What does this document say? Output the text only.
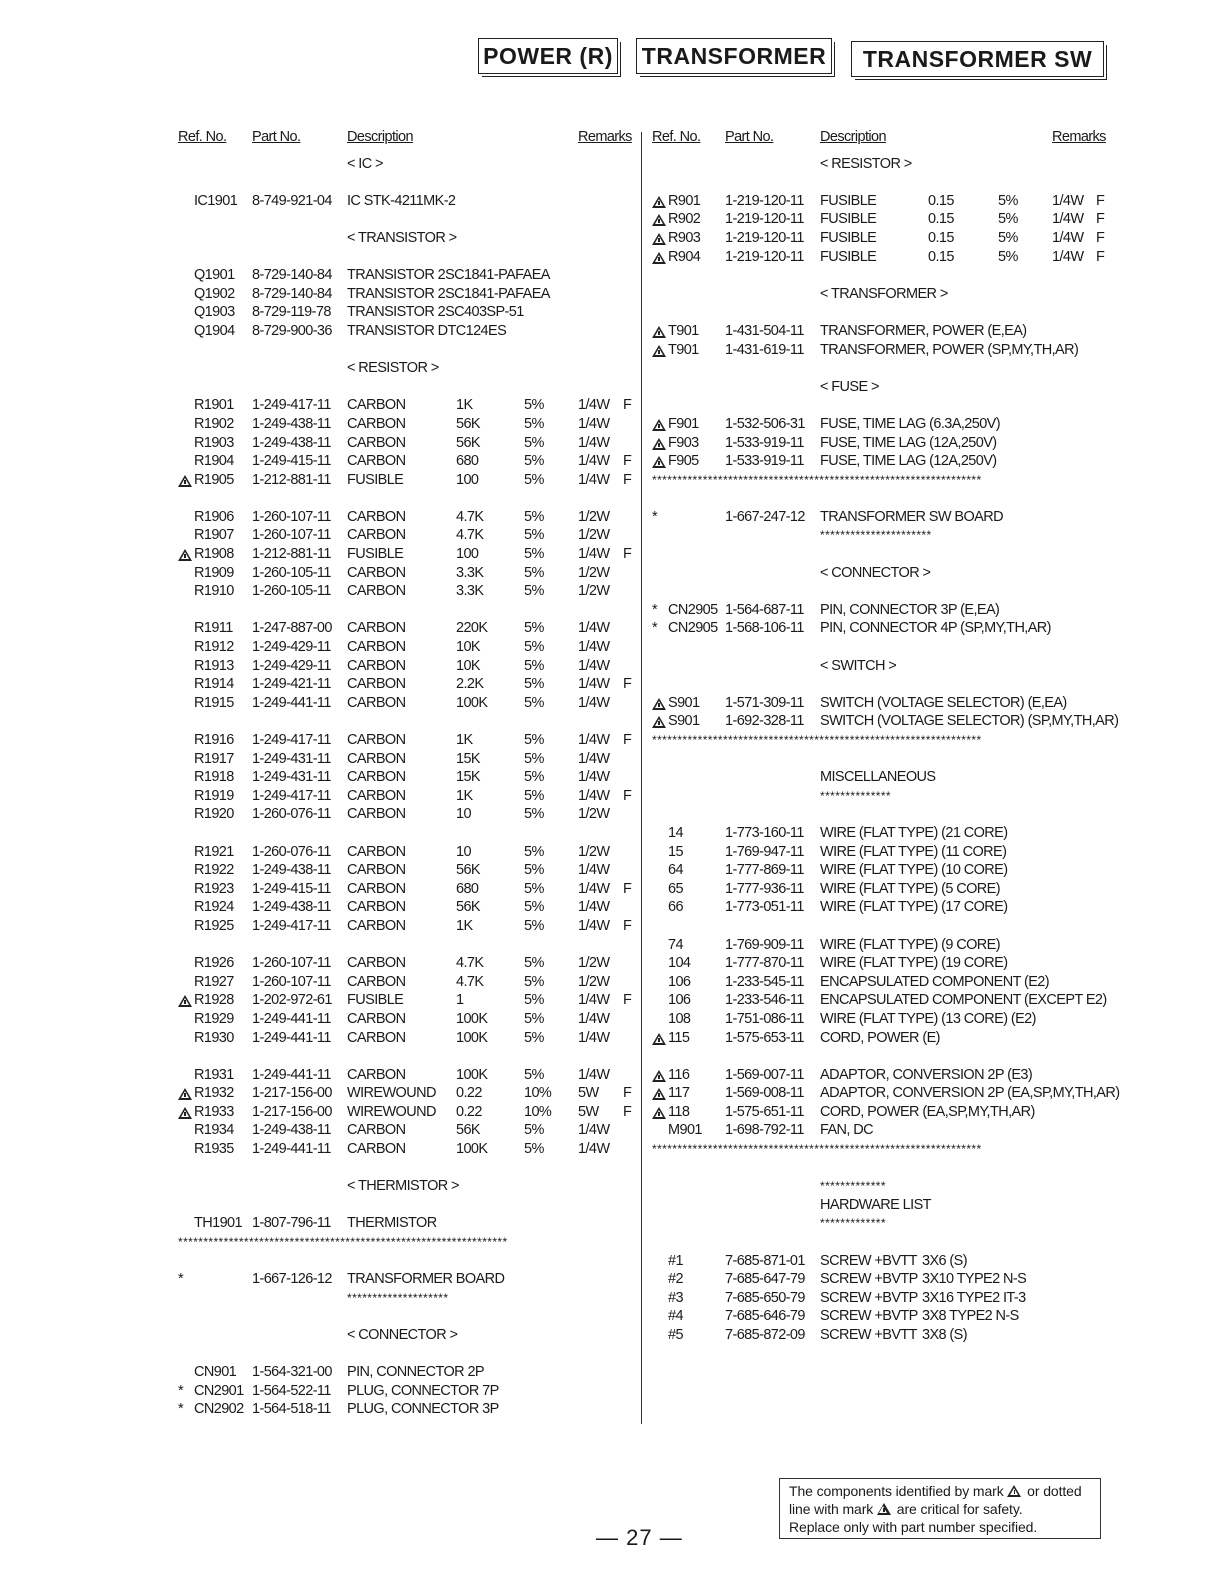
POWER (R) TRANSFORMER	TRANSFORMER SW
Ref. No. Part No.	Description	Remarks
< IC >
IC1901 8-749-921-04 IC STK-4211MK-2
< TRANSISTOR >
Q1901 8-729-140-84 TRANSISTOR 2SC1841-PAFAEA
Q1902 8-729-140-84 TRANSISTOR 2SC1841-PAFAEA
Q1903 8-729-119-78 TRANSISTOR 2SC403SP-51
Q1904 8-729-900-36 TRANSISTOR DTC124ES
< RESISTOR >
R1901 1-249-417-11 CARBON	1K	5% 1/4W F
R1902 1-249-438-11 CARBON	56K	5% 1/4W
R1903 1-249-438-11 CARBON	56K	5% 1/4W
R1904 1-249-415-11 CARBON	680	5% 1/4W F
R1905 1-212-881-11 FUSIBLE	100	5% 1/4W F
R1906 1-260-107-11 CARBON	4.7K	5% 1/2W
R1907 1-260-107-11 CARBON	4.7K	5% 1/2W
R1908 1-212-881-11 FUSIBLE	100	5% 1/4W F
R1909 1-260-105-11 CARBON	3.3K	5% 1/2W
R1910 1-260-105-11 CARBON	3.3K	5% 1/2W
R1911 1-247-887-00 CARBON	220K	5% 1/4W
R1912 1-249-429-11 CARBON	10K	5% 1/4W
R1913 1-249-429-11 CARBON	10K	5% 1/4W
R1914 1-249-421-11 CARBON	2.2K	5% 1/4W F
R1915 1-249-441-11 CARBON	100K	5% 1/4W
R1916 1-249-417-11 CARBON	1K	5% 1/4W F
R1917 1-249-431-11 CARBON	15K	5% 1/4W
R1918 1-249-431-11 CARBON	15K	5% 1/4W
R1919 1-249-417-11 CARBON	1K	5% 1/4W F
R1920 1-260-076-11 CARBON	10	5% 1/2W
R1921 1-260-076-11 CARBON	10	5% 1/2W
R1922 1-249-438-11 CARBON	56K	5% 1/4W
R1923 1-249-415-11 CARBON	680	5% 1/4W F
R1924 1-249-438-11 CARBON	56K	5% 1/4W
R1925 1-249-417-11 CARBON	1K	5% 1/4W F
R1926 1-260-107-11 CARBON	4.7K	5% 1/2W
R1927 1-260-107-11 CARBON	4.7K	5% 1/2W
R1928 1-202-972-61 FUSIBLE	1	5% 1/4W F
R1929 1-249-441-11 CARBON	100K	5% 1/4W
R1930 1-249-441-11 CARBON	100K	5% 1/4W
R1931 1-249-441-11 CARBON	100K	5% 1/4W
R1932 1-217-156-00 WIREWOUND 0.22	10% 5W F
R1933 1-217-156-00 WIREWOUND 0.22	10% 5W F
R1934 1-249-438-11 CARBON	56K	5% 1/4W
R1935 1-249-441-11 CARBON	100K	5% 1/4W
< THERMISTOR >
TH1901 1-807-796-11 THERMISTOR
*****************************************************************
*	1-667-126-12 TRANSFORMER BOARD
********************
< CONNECTOR >
CN901 1-564-321-00 PIN, CONNECTOR 2P
* CN2901 1-564-522-11 PLUG, CONNECTOR 7P
* CN2902 1-564-518-11 PLUG, CONNECTOR 3P
Ref. No. Part No.	Description	Remarks
< RESISTOR >
R901 1-219-120-11 FUSIBLE	0.15	5% 1/4W F
R902 1-219-120-11 FUSIBLE	0.15	5% 1/4W F
R903 1-219-120-11 FUSIBLE	0.15	5% 1/4W F
R904 1-219-120-11 FUSIBLE	0.15	5% 1/4W F
< TRANSFORMER >
T901 1-431-504-11 TRANSFORMER, POWER (E,EA)
T901 1-431-619-11 TRANSFORMER, POWER (SP,MY,TH,AR)
< FUSE >
F901 1-532-506-31 FUSE, TIME LAG (6.3A,250V)
F903 1-533-919-11 FUSE, TIME LAG (12A,250V)
F905 1-533-919-11 FUSE, TIME LAG (12A,250V)
*****************************************************************
*	1-667-247-12 TRANSFORMER SW BOARD
**********************
< CONNECTOR >
* CN2905 1-564-687-11 PIN, CONNECTOR 3P (E,EA)
* CN2905 1-568-106-11 PIN, CONNECTOR 4P (SP,MY,TH,AR)
< SWITCH >
S901 1-571-309-11 SWITCH (VOLTAGE SELECTOR) (E,EA)
S901 1-692-328-11 SWITCH (VOLTAGE SELECTOR) (SP,MY,TH,AR)
*****************************************************************
MISCELLANEOUS
**************
14	1-773-160-11 WIRE (FLAT TYPE) (21 CORE)
15	1-769-947-11 WIRE (FLAT TYPE) (11 CORE)
64	1-777-869-11 WIRE (FLAT TYPE) (10 CORE)
65	1-777-936-11 WIRE (FLAT TYPE) (5 CORE)
66	1-773-051-11 WIRE (FLAT TYPE) (17 CORE)
74	1-769-909-11 WIRE (FLAT TYPE) (9 CORE)
104 1-777-870-11 WIRE (FLAT TYPE) (19 CORE)
106 1-233-545-11 ENCAPSULATED COMPONENT (E2)
106 1-233-546-11 ENCAPSULATED COMPONENT (EXCEPT E2)
108 1-751-086-11 WIRE (FLAT TYPE) (13 CORE) (E2)
115 1-575-653-11 CORD, POWER (E)
116 1-569-007-11 ADAPTOR, CONVERSION 2P (E3)
117 1-569-008-11 ADAPTOR, CONVERSION 2P (EA,SP,MY,TH,AR)
118 1-575-651-11 CORD, POWER (EA,SP,MY,TH,AR)
M901 1-698-792-11 FAN, DC
*****************************************************************
*************
HARDWARE LIST
*************
#1	7-685-871-01 SCREW +BVTT 3X6 (S)
#2	7-685-647-79 SCREW +BVTP 3X10 TYPE2 N-S
#3	7-685-650-79 SCREW +BVTP 3X16 TYPE2 IT-3
#4	7-685-646-79 SCREW +BVTP 3X8 TYPE2 N-S
#5	7-685-872-09 SCREW +BVTT 3X8 (S)
The components identified by mark  or dotted
line with mark  are critical for safety.
Replace only with part number specified.
— 27 —
